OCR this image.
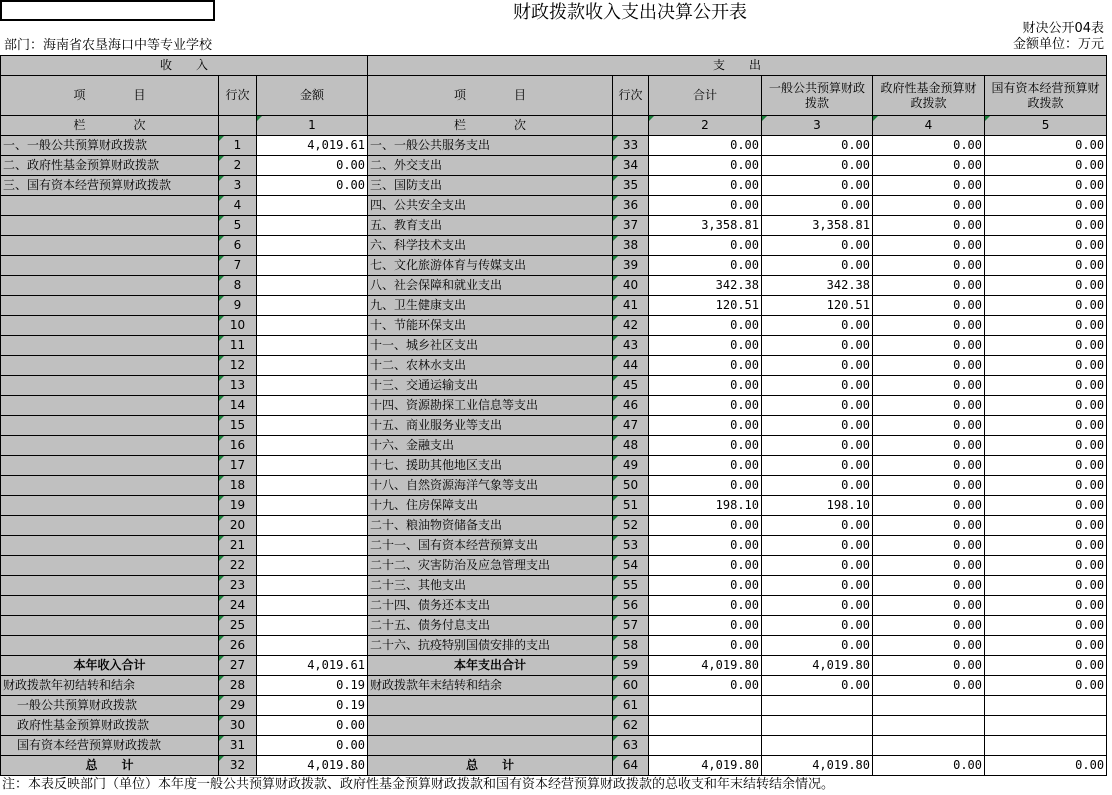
财政拨款收入支出决算公开表
财决公开04表
部门：海南省农垦海口中等专业学校	金额单位：万元
收　　入			支　　出					
项　　　　目	行次	金额	项　　　　目	行次	合计	一般公共预算财政拨款	政府性基金预算财政拨款	国有资本经营预算财政拨款
栏　　　　次		1	栏　　　　次		2	3	4	5
一、一般公共预算财政拨款	1	4,019.61	一、一般公共服务支出	33	0.00	0.00	0.00	0.00
二、政府性基金预算财政拨款	2	0.00	二、外交支出	34	0.00	0.00	0.00	0.00
三、国有资本经营预算财政拨款	3	0.00	三、国防支出	35	0.00	0.00	0.00	0.00
	4		四、公共安全支出	36	0.00	0.00	0.00	0.00
	5		五、教育支出	37	3,358.81	3,358.81	0.00	0.00
	6		六、科学技术支出	38	0.00	0.00	0.00	0.00
	7		七、文化旅游体育与传媒支出	39	0.00	0.00	0.00	0.00
	8		八、社会保障和就业支出	40	342.38	342.38	0.00	0.00
	9		九、卫生健康支出	41	120.51	120.51	0.00	0.00
	10		十、节能环保支出	42	0.00	0.00	0.00	0.00
	11		十一、城乡社区支出	43	0.00	0.00	0.00	0.00
	12		十二、农林水支出	44	0.00	0.00	0.00	0.00
	13		十三、交通运输支出	45	0.00	0.00	0.00	0.00
	14		十四、资源勘探工业信息等支出	46	0.00	0.00	0.00	0.00
	15		十五、商业服务业等支出	47	0.00	0.00	0.00	0.00
	16		十六、金融支出	48	0.00	0.00	0.00	0.00
	17		十七、援助其他地区支出	49	0.00	0.00	0.00	0.00
	18		十八、自然资源海洋气象等支出	50	0.00	0.00	0.00	0.00
	19		十九、住房保障支出	51	198.10	198.10	0.00	0.00
	20		二十、粮油物资储备支出	52	0.00	0.00	0.00	0.00
	21		二十一、国有资本经营预算支出	53	0.00	0.00	0.00	0.00
	22		二十二、灾害防治及应急管理支出	54	0.00	0.00	0.00	0.00
	23		二十三、其他支出	55	0.00	0.00	0.00	0.00
	24		二十四、债务还本支出	56	0.00	0.00	0.00	0.00
	25		二十五、债务付息支出	57	0.00	0.00	0.00	0.00
	26		二十六、抗疫特别国债安排的支出	58	0.00	0.00	0.00	0.00
本年收入合计	27	4,019.61	本年支出合计	59	4,019.80	4,019.80	0.00	0.00
财政拨款年初结转和结余	28	0.19	财政拨款年末结转和结余	60	0.00	0.00	0.00	0.00
一般公共预算财政拨款	29	0.19		61				
政府性基金预算财政拨款	30	0.00		62				
国有资本经营预算财政拨款	31	0.00		63				
总　　计	32	4,019.80	总　　计	64	4,019.80	4,019.80	0.00	0.00
注：本表反映部门（单位）本年度一般公共预算财政拨款、政府性基金预算财政拨款和国有资本经营预算财政拨款的总收支和年末结转结余情况。
